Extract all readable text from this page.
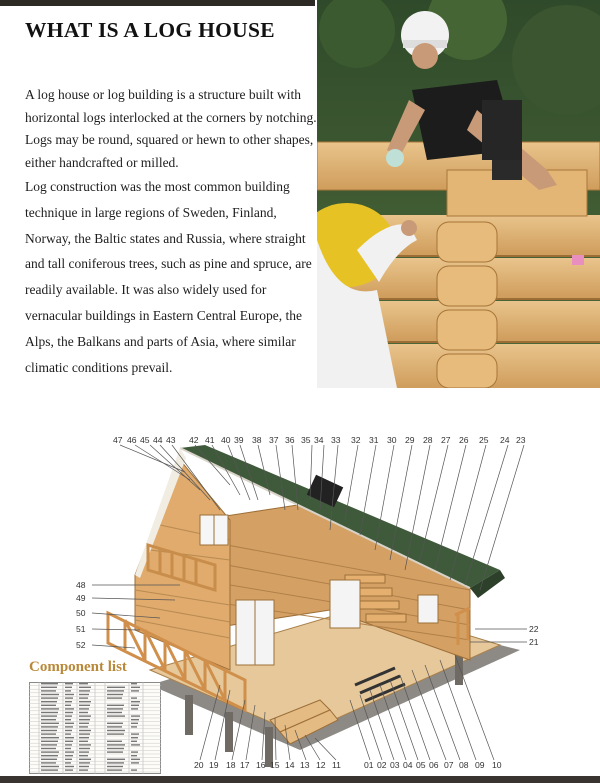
WHAT IS A LOG HOUSE

A log house or log building is a structure built with horizontal logs interlocked at the corners by notching. Logs may be round, squared or hewn to other shapes, either handcrafted or milled.

Log construction was the most common building technique in large regions of Sweden, Finland, Norway, the Baltic states and Russia, where straight and tall coniferous trees, such as pine and spruce, are readily available. It was also widely used for vernacular buildings in Eastern Central Europe, the Alps, the Balkans and parts of Asia, where similar climatic conditions prevail.

47 46 45 44 43 42 41 40 39 38 37 36 35 34 33 32 31 30 29 28 27 26 25 24 23
48
49
50
51
52
22
21
20 19 18 17 16 15 14 13 12 11	01 02 03 04 05 06 07 08 09 10
Component list
